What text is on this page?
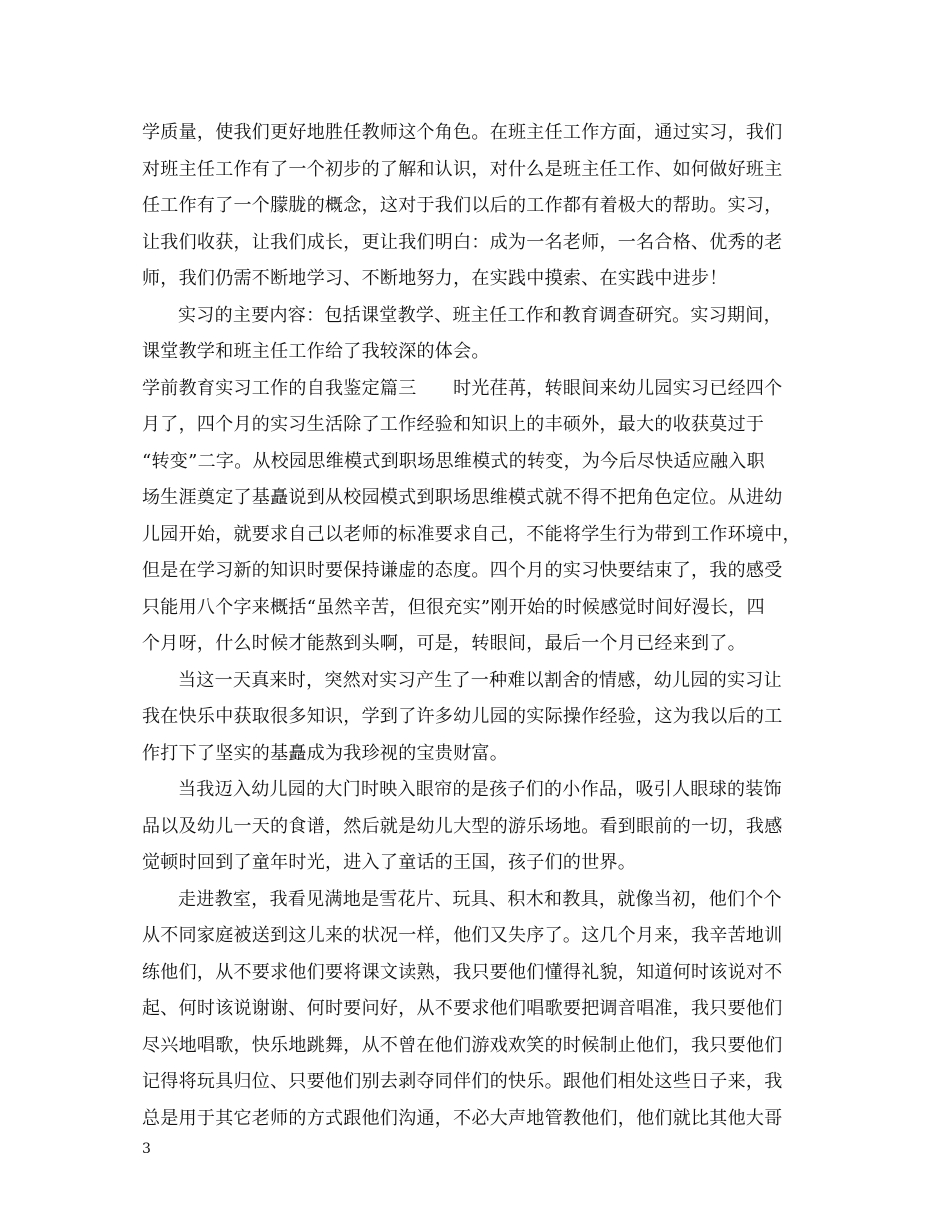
学质量，使我们更好地胜任教师这个角色。在班主任工作方面，通过实习，我们
对班主任工作有了一个初步的了解和认识，对什么是班主任工作、如何做好班主
任工作有了一个朦胧的概念，这对于我们以后的工作都有着极大的帮助。实习，
让我们收获，让我们成长，更让我们明白：成为一名老师，一名合格、优秀的老
师，我们仍需不断地学习、不断地努力，在实践中摸索、在实践中进步！
实习的主要内容：包括课堂教学、班主任工作和教育调查研究。实习期间，
课堂教学和班主任工作给了我较深的体会。
学前教育实习工作的自我鉴定篇三　　时光荏苒，转眼间来幼儿园实习已经四个
月了，四个月的实习生活除了工作经验和知识上的丰硕外，最大的收获莫过于
“转变”二字。从校园思维模式到职场思维模式的转变，为今后尽快适应融入职
场生涯奠定了基矗说到从校园模式到职场思维模式就不得不把角色定位。从进幼
儿园开始，就要求自己以老师的标准要求自己，不能将学生行为带到工作环境中，
但是在学习新的知识时要保持谦虚的态度。四个月的实习快要结束了，我的感受
只能用八个字来概括“虽然辛苦，但很充实”刚开始的时候感觉时间好漫长，四
个月呀，什么时候才能熬到头啊，可是，转眼间，最后一个月已经来到了。
当这一天真来时，突然对实习产生了一种难以割舍的情感，幼儿园的实习让
我在快乐中获取很多知识，学到了许多幼儿园的实际操作经验，这为我以后的工
作打下了坚实的基矗成为我珍视的宝贵财富。
当我迈入幼儿园的大门时映入眼帘的是孩子们的小作品，吸引人眼球的装饰
品以及幼儿一天的食谱，然后就是幼儿大型的游乐场地。看到眼前的一切，我感
觉顿时回到了童年时光，进入了童话的王国，孩子们的世界。
走进教室，我看见满地是雪花片、玩具、积木和教具，就像当初，他们个个
从不同家庭被送到这儿来的状况一样，他们又失序了。这几个月来，我辛苦地训
练他们，从不要求他们要将课文读熟，我只要他们懂得礼貌，知道何时该说对不
起、何时该说谢谢、何时要问好，从不要求他们唱歌要把调音唱准，我只要他们
尽兴地唱歌，快乐地跳舞，从不曾在他们游戏欢笑的时候制止他们，我只要他们
记得将玩具归位、只要他们别去剥夺同伴们的快乐。跟他们相处这些日子来，我
总是用于其它老师的方式跟他们沟通，不必大声地管教他们，他们就比其他大哥
3
